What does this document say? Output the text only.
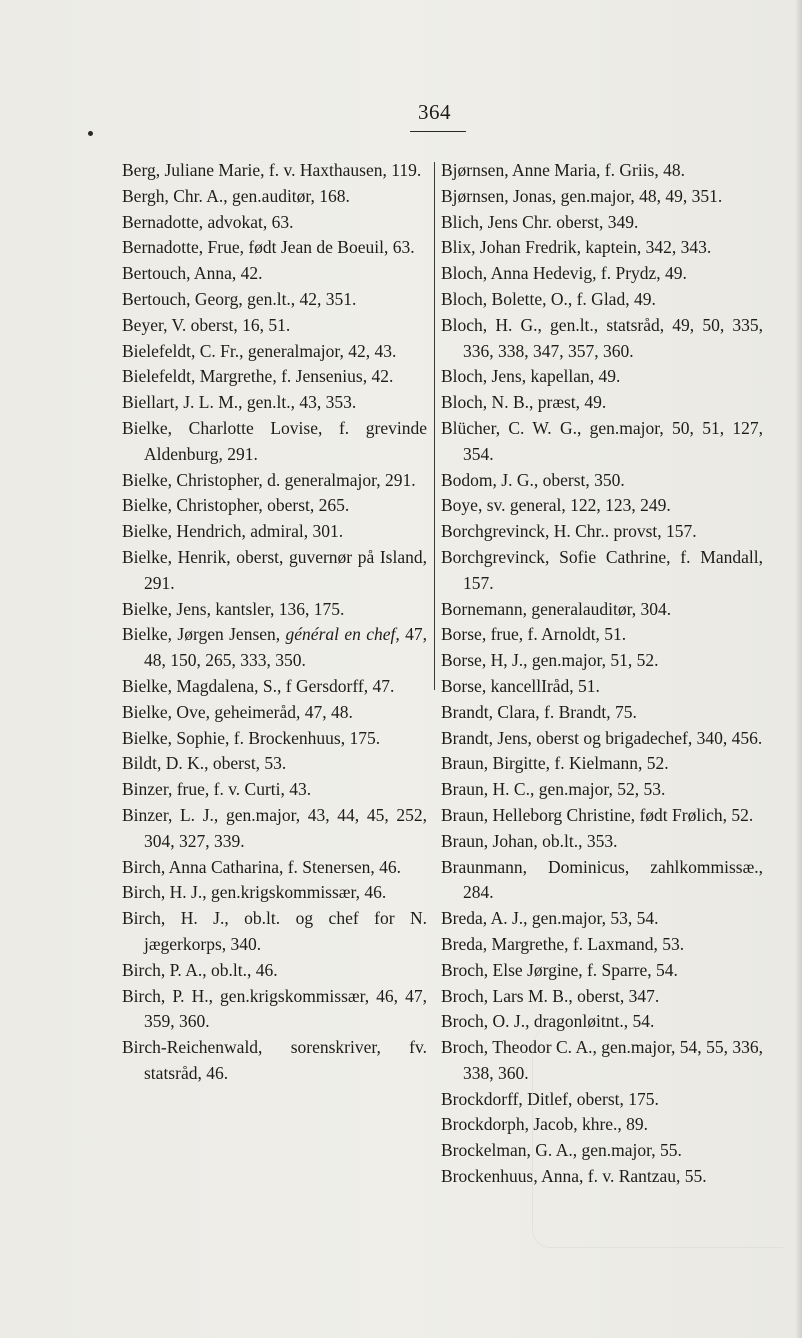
364
Berg, Juliane Marie, f. v. Haxthausen, 119.
Bergh, Chr. A., gen.auditør, 168.
Bernadotte, advokat, 63.
Bernadotte, Frue, født Jean de Boeuil, 63.
Bertouch, Anna, 42.
Bertouch, Georg, gen.lt., 42, 351.
Beyer, V. oberst, 16, 51.
Bielefeldt, C. Fr., generalmajor, 42, 43.
Bielefeldt, Margrethe, f. Jensenius, 42.
Biellart, J. L. M., gen.lt., 43, 353.
Bielke, Charlotte Lovise, f. grevinde Aldenburg, 291.
Bielke, Christopher, d. generalmajor, 291.
Bielke, Christopher, oberst, 265.
Bielke, Hendrich, admiral, 301.
Bielke, Henrik, oberst, guvernør på Island, 291.
Bielke, Jens, kantsler, 136, 175.
Bielke, Jørgen Jensen, général en chef, 47, 48, 150, 265, 333, 350.
Bielke, Magdalena, S., f Gersdorff, 47.
Bielke, Ove, geheimeråd, 47, 48.
Bielke, Sophie, f. Brockenhuus, 175.
Bildt, D. K., oberst, 53.
Binzer, frue, f. v. Curti, 43.
Binzer, L. J., gen.major, 43, 44, 45, 252, 304, 327, 339.
Birch, Anna Catharina, f. Stenersen, 46.
Birch, H. J., gen.krigskommissær, 46.
Birch, H. J., ob.lt. og chef for N. jægerkorps, 340.
Birch, P. A., ob.lt., 46.
Birch, P. H., gen.krigskommissær, 46, 47, 359, 360.
Birch-Reichenwald, sorenskriver, fv. statsråd, 46.
Bjørnsen, Anne Maria, f. Griis, 48.
Bjørnsen, Jonas, gen.major, 48, 49, 351.
Blich, Jens Chr. oberst, 349.
Blix, Johan Fredrik, kaptein, 342, 343.
Bloch, Anna Hedevig, f. Prydz, 49.
Bloch, Bolette, O., f. Glad, 49.
Bloch, H. G., gen.lt., statsråd, 49, 50, 335, 336, 338, 347, 357, 360.
Bloch, Jens, kapellan, 49.
Bloch, N. B., præst, 49.
Blücher, C. W. G., gen.major, 50, 51, 127, 354.
Bodom, J. G., oberst, 350.
Boye, sv. general, 122, 123, 249.
Borchgrevinck, H. Chr.. provst, 157.
Borchgrevinck, Sofie Cathrine, f. Mandall, 157.
Bornemann, generalauditør, 304.
Borse, frue, f. Arnoldt, 51.
Borse, H, J., gen.major, 51, 52.
Borse, kancellIråd, 51.
Brandt, Clara, f. Brandt, 75.
Brandt, Jens, oberst og brigadechef, 340, 456.
Braun, Birgitte, f. Kielmann, 52.
Braun, H. C., gen.major, 52, 53.
Braun, Helleborg Christine, født Frølich, 52.
Braun, Johan, ob.lt., 353.
Braunmann, Dominicus, zahlkommissæ., 284.
Breda, A. J., gen.major, 53, 54.
Breda, Margrethe, f. Laxmand, 53.
Broch, Else Jørgine, f. Sparre, 54.
Broch, Lars M. B., oberst, 347.
Broch, O. J., dragonløitnt., 54.
Broch, Theodor C. A., gen.major, 54, 55, 336, 338, 360.
Brockdorff, Ditlef, oberst, 175.
Brockdorph, Jacob, khre., 89.
Brockelman, G. A., gen.major, 55.
Brockenhuus, Anna, f. v. Rantzau, 55.
